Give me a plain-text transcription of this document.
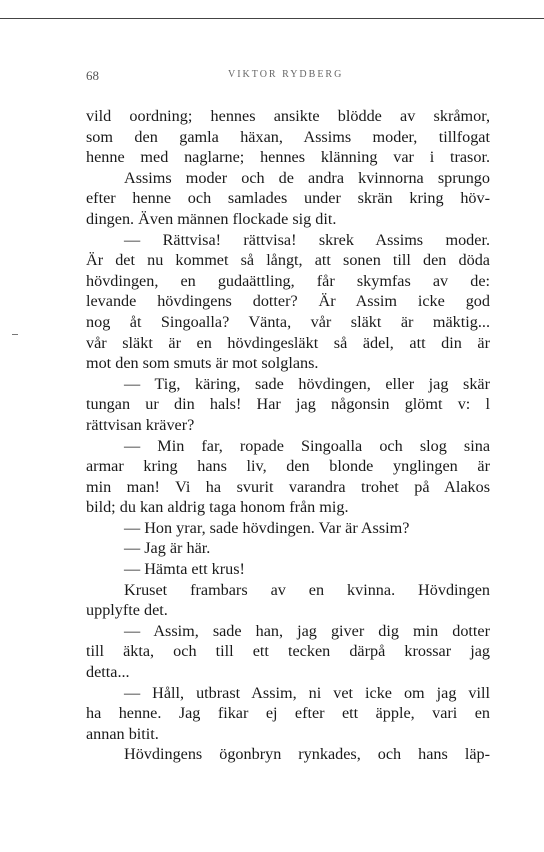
68	VIKTOR RYDBERG
vild oordning; hennes ansikte blödde av skråmor,
som den gamla häxan, Assims moder, tillfogat
henne med naglarne; hennes klänning var i trasor.
Assims moder och de andra kvinnorna sprungo
efter henne och samlades under skrän kring höv-
dingen. Även männen flockade sig dit.
— Rättvisa! rättvisa! skrek Assims moder.
Är det nu kommet så långt, att sonen till den döda
hövdingen, en gudaättling, får skymfas av de:
levande hövdingens dotter? Är Assim icke god
nog åt Singoalla? Vänta, vår släkt är mäktig...
vår släkt är en hövdingesläkt så ädel, att din är
mot den som smuts är mot solglans.
— Tig, käring, sade hövdingen, eller jag skär
tungan ur din hals! Har jag någonsin glömt v: l
rättvisan kräver?
— Min far, ropade Singoalla och slog sina
armar kring hans liv, den blonde ynglingen är
min man! Vi ha svurit varandra trohet på Alakos
bild; du kan aldrig taga honom från mig.
— Hon yrar, sade hövdingen. Var är Assim?
— Jag är här.
— Hämta ett krus!
Kruset frambars av en kvinna. Hövdingen
upplyfte det.
— Assim, sade han, jag giver dig min dotter
till äkta, och till ett tecken därpå krossar jag
detta...
— Håll, utbrast Assim, ni vet icke om jag vill
ha henne. Jag fikar ej efter ett äpple, vari en
annan bitit.
Hövdingens ögonbryn rynkades, och hans läp-
